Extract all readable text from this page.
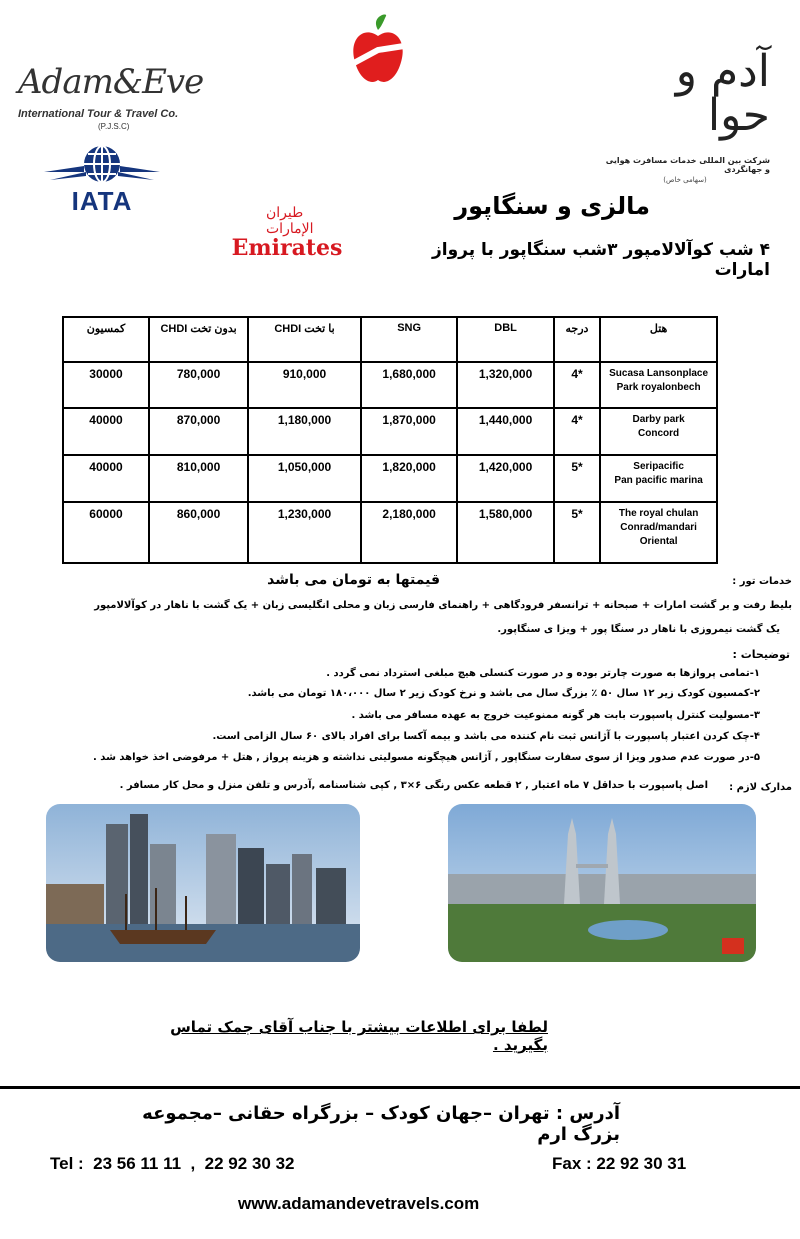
Adam&Eve
International Tour & Travel Co.
(P.J.S.C)
IATA
آدم و حوا
شرکت بین المللی خدمات مسافرت هوایی و جهانگردی
(سهامی خاص)
طيران الإمارات
Emirates
مالزی و سنگاپور
۴ شب کوآلالامپور ۳شب سنگاپور با پرواز امارات
کمسیون	CHDI بدون تخت	CHDI با تخت	SNG	DBL	درجه	هتل
30000	780,000	910,000	1,680,000	1,320,000	4*	Sucasa Lansonplace
Park royalonbech

40000	870,000	1,180,000	1,870,000	1,440,000	4*	Darby park
Concord

40000	810,000	1,050,000	1,820,000	1,420,000	5*	Seripacific
Pan pacific marina

60000	860,000	1,230,000	2,180,000	1,580,000	5*	The royal chulan
Conrad/mandari
Oriental
خدمات تور :
قیمتها به تومان می باشد
بلیط رفت و بر گشت امارات + صبحانه + ترانسفر فرودگاهی + راهنمای فارسی زبان و محلی انگلیسی زبان + یک گشت با ناهار در کوآلالامپور
یک گشت نیمروزی با ناهار در سنگا پور + ویزا ی سنگاپور.
توضیحات :
۱-تمامی پروازها به صورت چارتر بوده و در صورت کنسلی هیچ مبلغی استرداد نمی گردد .
۲-کمسیون کودک زیر ۱۲ سال ۵۰ ٪ بزرگ سال می باشد و نرخ کودک زیر ۲ سال ۱۸۰،۰۰۰ تومان می باشد.
۳-مسولیت کنترل پاسپورت بابت هر گونه ممنوعیت خروج به عهده مسافر می باشد .
۴-چک کردن اعتبار پاسپورت با آژانس ثبت نام کننده می باشد و بیمه آکسا برای افراد بالای ۶۰ سال الزامی است.
۵-در صورت عدم صدور ویزا از سوی سفارت سنگاپور , آژانس هیچگونه مسولیتی نداشته و هزینه پرواز , هتل + مرفوضی اخذ خواهد شد .
مدارک لازم :
اصل پاسپورت با حداقل ۷ ماه اعتبار , ۲ قطعه عکس رنگی ۶×۳ , کپی شناسنامه ,آدرس و تلفن منزل و محل کار مسافر .
لطفا برای اطلاعات بیشتر با جناب آقای جمک تماس بگیرید .
آدرس : تهران –جهان کودک – بزرگراه حقانی –مجموعه بزرگ ارم
Tel :  23 56 11 11  ,  22 92 30 32	Fax : 22 92 30 31
www.adamandevetravels.com
